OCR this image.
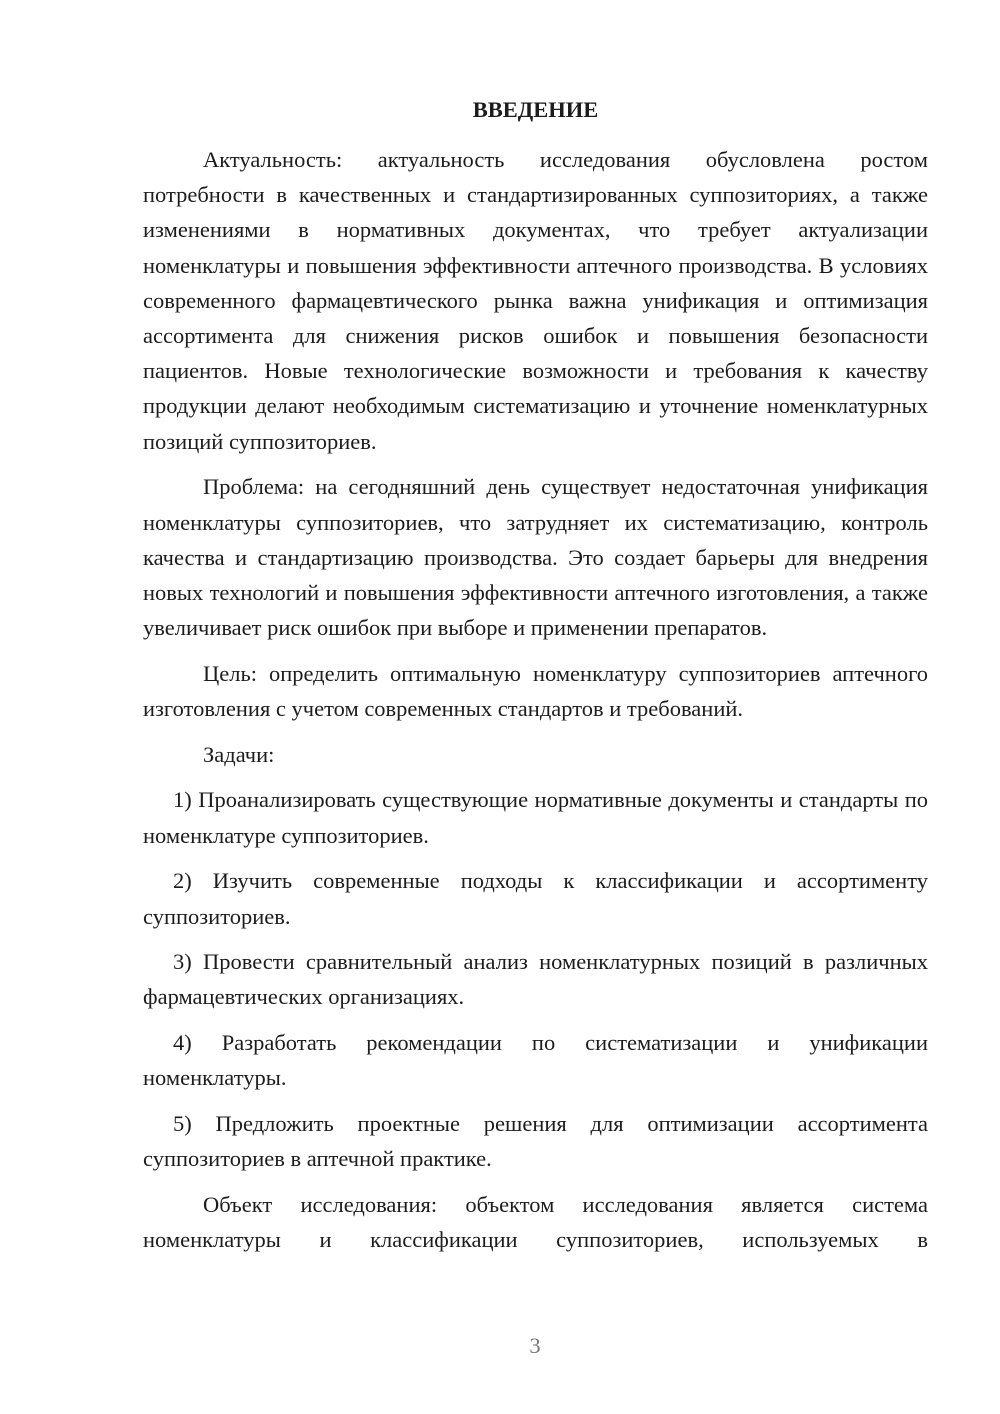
ВВЕДЕНИЕ

Актуальность: актуальность исследования обусловлена ростом потребности в качественных и стандартизированных суппозиториях, а также изменениями в нормативных документах, что требует актуализации номенклатуры и повышения эффективности аптечного производства. В условиях современного фармацевтического рынка важна унификация и оптимизация ассортимента для снижения рисков ошибок и повышения безопасности пациентов. Новые технологические возможности и требования к качеству продукции делают необходимым систематизацию и уточнение номенклатурных позиций суппозиториев.

Проблема: на сегодняшний день существует недостаточная унификация номенклатуры суппозиториев, что затрудняет их систематизацию, контроль качества и стандартизацию производства. Это создает барьеры для внедрения новых технологий и повышения эффективности аптечного изготовления, а также увеличивает риск ошибок при выборе и применении препаратов.

Цель: определить оптимальную номенклатуру суппозиториев аптечного изготовления с учетом современных стандартов и требований.

Задачи:

1) Проанализировать существующие нормативные документы и стандарты по номенклатуре суппозиториев.

2) Изучить современные подходы к классификации и ассортименту суппозиториев.

3) Провести сравнительный анализ номенклатурных позиций в различных фармацевтических организациях.

4) Разработать рекомендации по систематизации и унификации номенклатуры.

5) Предложить проектные решения для оптимизации ассортимента суппозиториев в аптечной практике.

Объект исследования: объектом исследования является система номенклатуры и классификации суппозиториев, используемых в

3
